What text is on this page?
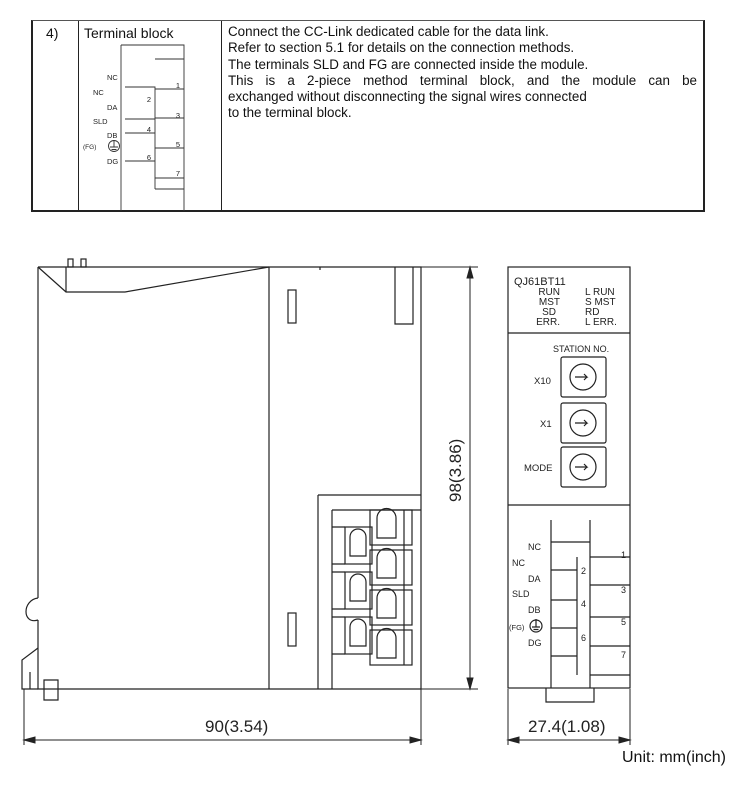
4) Terminal block
NC
NC
DA
SLD
DB
(FG)
DG
1
2
3
4
5
6
7
Connect the CC-Link dedicated cable for the data link.
Refer to section 5.1 for details on the connection methods.
The terminals SLD and FG are connected inside the module.
This is a 2-piece method terminal block, and the module can be
exchanged without disconnecting the signal wires connected
to the terminal block.
QJ61BT11
RUN
MST
SD
ERR.
L RUN
S MST
RD
L ERR.
STATION NO.
X10
X1
MODE
NC
NC
DA
SLD
DB
(FG)
DG
1
2
3
4
5
6
7
98(3.86)
90(3.54)	27.4(1.08)
Unit: mm(inch)
